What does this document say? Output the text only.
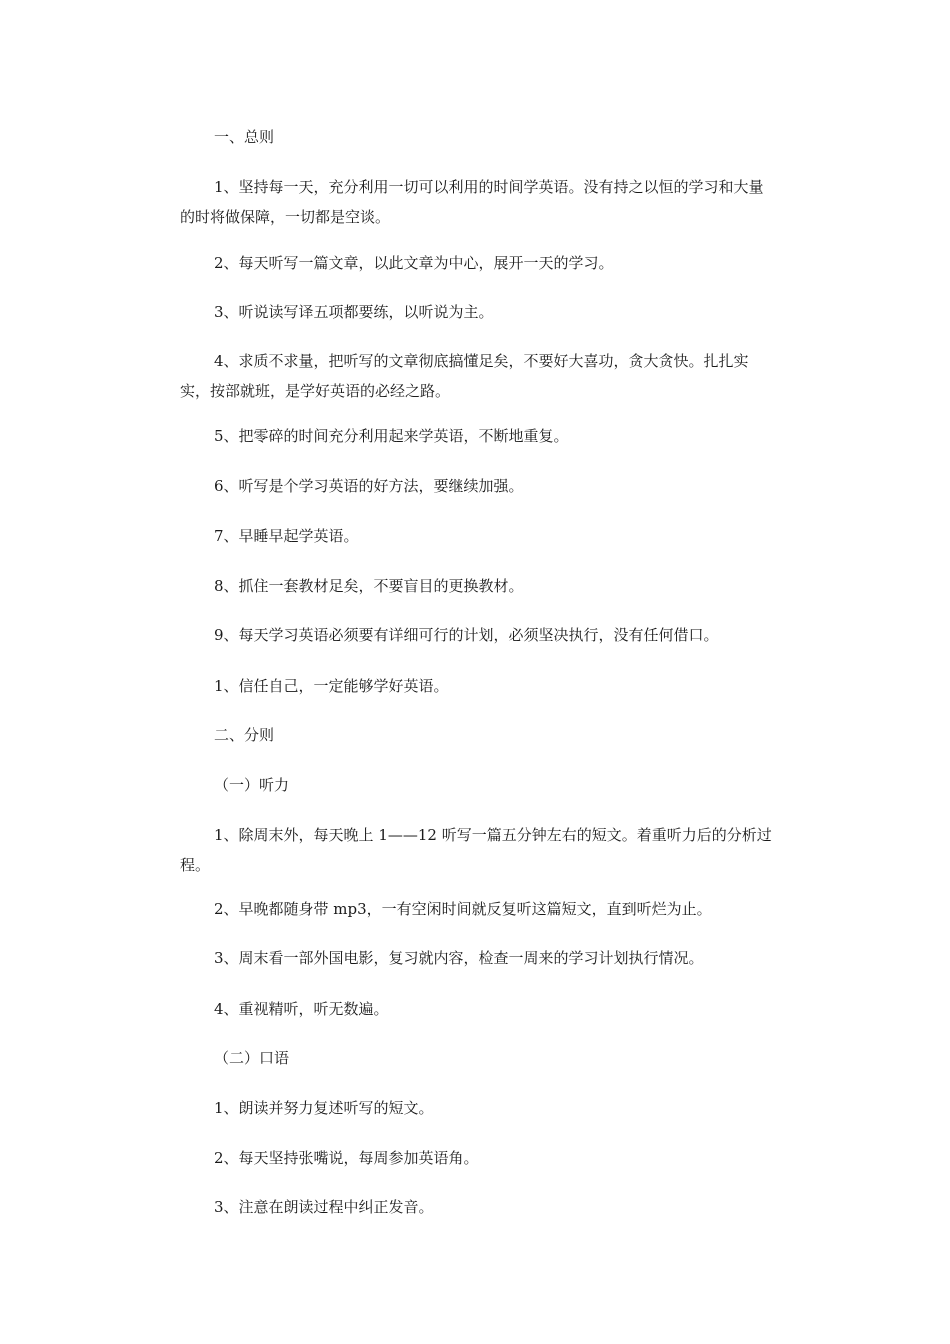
一、总则

1、坚持每一天，充分利用一切可以利用的时间学英语。没有持之以恒的学习和大量的时将做保障，一切都是空谈。

2、每天听写一篇文章，以此文章为中心，展开一天的学习。

3、听说读写译五项都要练，以听说为主。

4、求质不求量，把听写的文章彻底搞懂足矣，不要好大喜功，贪大贪快。扎扎实实，按部就班，是学好英语的必经之路。

5、把零碎的时间充分利用起来学英语，不断地重复。

6、听写是个学习英语的好方法，要继续加强。

7、早睡早起学英语。

8、抓住一套教材足矣，不要盲目的更换教材。

9、每天学习英语必须要有详细可行的计划，必须坚决执行，没有任何借口。

1、信任自己，一定能够学好英语。

二、分则

（一）听力

1、除周末外，每天晚上 1——12 听写一篇五分钟左右的短文。着重听力后的分析过程。

2、早晚都随身带 mp3，一有空闲时间就反复听这篇短文，直到听烂为止。

3、周末看一部外国电影，复习就内容，检查一周来的学习计划执行情况。

4、重视精听，听无数遍。

（二）口语

1、朗读并努力复述听写的短文。

2、每天坚持张嘴说，每周参加英语角。

3、注意在朗读过程中纠正发音。
